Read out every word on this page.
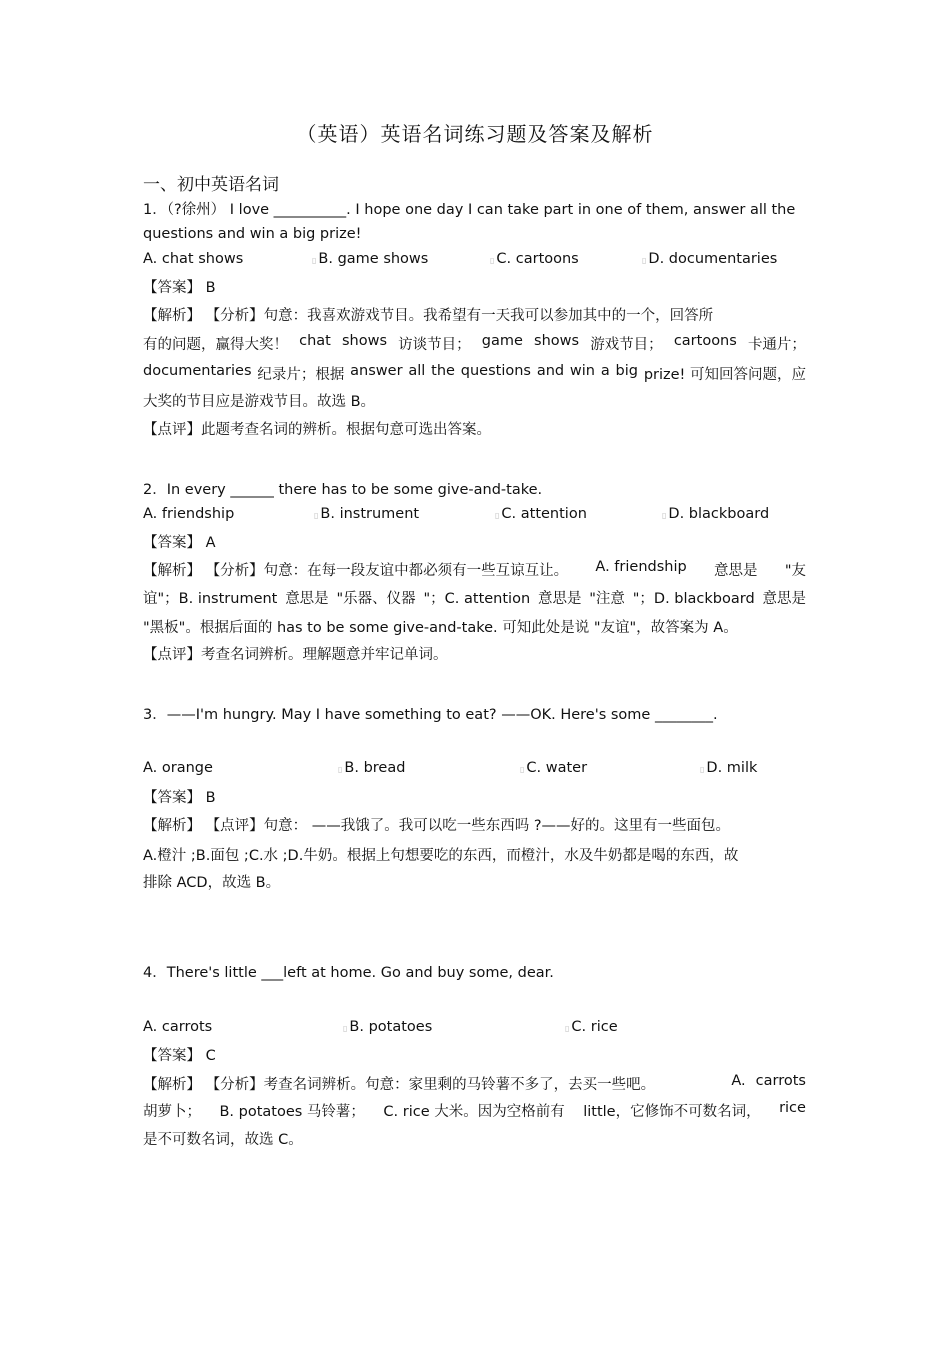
（英语）英语名词练习题及答案及解析
一、初中英语名词
1．（?徐州） I love __________. I hope one day I can take part in one of them, answer all the
questions and win a big prize!
A. chat shows	▯ B. game shows	▯ C. cartoons	▯ D. documentaries
【答案】 B
【解析】 【分析】句意：我喜欢游戏节目。我希望有一天我可以参加其中的一个，回答所
有的问题，赢得大奖！ chat shows 访谈节目； game shows 游戏节目； cartoons 卡通片；
documentaries 纪录片；根据 answer all the questions and win a big prize! 可知回答问题，应
大奖的节目应是游戏节目。故选 B。
【点评】此题考查名词的辨析。根据句意可选出答案。
2．In every ______ there has to be some give-and-take.
A. friendship	▯ B. instrument	▯ C. attention	▯ D. blackboard
【答案】 A
【解析】 【分析】句意：在每一段友谊中都必须有一些互谅互让。 A. friendship 意思是 "友
谊"；B. instrument 意思是 "乐器、仪器 "；C. attention 意思是 "注意 "；D. blackboard 意思是
"黑板"。根据后面的 has to be some give-and-take. 可知此处是说 "友谊"，故答案为 A。
【点评】考查名词辨析。理解题意并牢记单词。
3．——I'm hungry. May I have something to eat? ——OK. Here's some ________.
A. orange	▯ B. bread	▯ C. water	▯ D. milk
【答案】 B
【解析】 【点评】句意： ——我饿了。我可以吃一些东西吗 ?——好的。这里有一些面包。
A.橙汁 ;B.面包 ;C.水 ;D.牛奶。根据上句想要吃的东西，而橙汁，水及牛奶都是喝的东西，故
排除 ACD，故选 B。
4．There's little ___left at home. Go and buy some, dear.
A. carrots	▯ B. potatoes	▯ C. rice
【答案】 C
【解析】 【分析】考查名词辨析。句意：家里剩的马铃薯不多了，去买一些吧。	A. carrots
胡萝卜； B. potatoes 马铃薯； C. rice 大米。因为空格前有 little，它修饰不可数名词， rice
是不可数名词，故选 C。
